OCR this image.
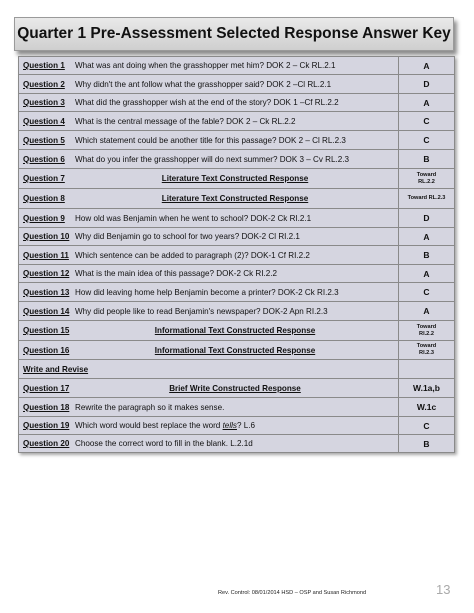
Quarter 1 Pre-Assessment Selected Response Answer Key
Question 1 What was ant doing when the grasshopper met him? DOK 2 – Ck RL.2.1	A
Question 2 Why didn't the ant follow what the grasshopper said? DOK 2 –Cl RL.2.1	D
Question 3 What did the grasshopper wish at the end of the story? DOK 1 –Cf RL.2.2	A
Question 4 What is the central message of the fable? DOK 2 – Ck RL.2.2	C
Question 5 Which statement could be another title for this passage? DOK 2 – Cl RL.2.3	C
Question 6 What do you infer the grasshopper will do next summer? DOK 3 – Cv RL.2.3	B
Question 7 Literature Text Constructed Response	Toward
RL.2.2

Question 8 Literature Text Constructed Response	Toward RL.2.3

Question 9 How old was Benjamin when he went to school? DOK-2 Ck RI.2.1	D
Question 10 Why did Benjamin go to school for two years? DOK-2 Cl RI.2.1	A
Question 11 Which sentence can be added to paragraph (2)? DOK-1 Cf RI.2.2	B
Question 12 What is the main idea of this passage? DOK-2 Ck RI.2.2	A
Question 13 How did leaving home help Benjamin become a printer? DOK-2 Ck RI.2.3	C
Question 14 Why did people like to read Benjamin's newspaper? DOK-2 Apn RI.2.3	A
Question 15 Informational Text Constructed Response	Toward
RI.2.2

Question 16 Informational Text Constructed Response	Toward
RI.2.3

Write and Revise	
Question 17 Brief Write Constructed Response	W.1a,b
Question 18 Rewrite the paragraph so it makes sense.	W.1c
Question 19 Which word would best replace the word tells? L.6	C
Question 20 Choose the correct word to fill in the blank. L.2.1d	B
Rev. Control: 08/01/2014 HSD – OSP and Susan Richmond	13
